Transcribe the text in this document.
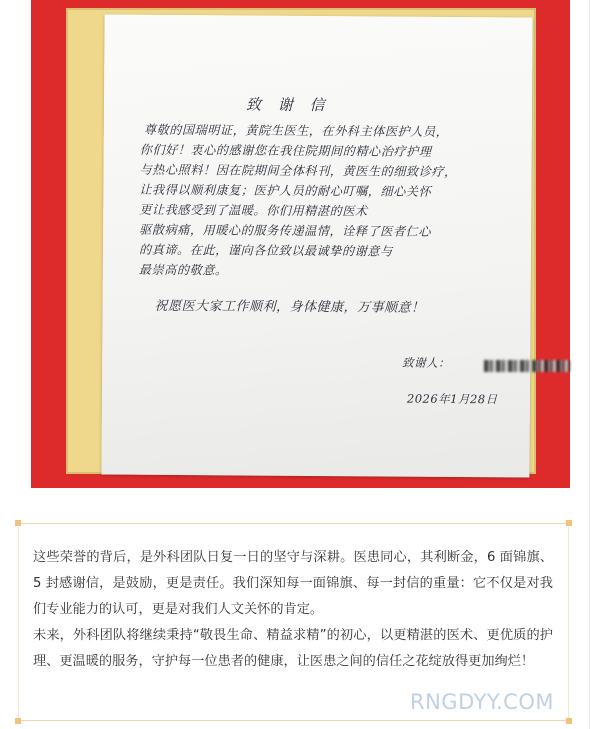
致 谢 信

尊敬的国瑞明证，黄院生医生，在外科主体医护人员，

你们好！衷心的感谢您在我住院期间的精心治疗护理

与热心照料！因在院期间全体科刊，黄医生的细致诊疗，

让我得以顺利康复；医护人员的耐心叮嘱，细心关怀

更让我感受到了温暖。你们用精湛的医术

驱散病痛，用暖心的服务传递温情，诠释了医者仁心

的真谛。在此，谨向各位致以最诚挚的谢意与

最崇高的敬意。

祝愿医大家工作顺利，身体健康，万事顺意！

致谢人：

2026年1月28日

这些荣誉的背后，是外科团队日复一日的坚守与深耕。医患同心，其利断金，6 面锦旗、5 封感谢信，是鼓励，更是责任。我们深知每一面锦旗、每一封信的重量：它不仅是对我们专业能力的认可，更是对我们人文关怀的肯定。

未来，外科团队将继续秉持“敬畏生命、精益求精”的初心，以更精湛的医术、更优质的护理、更温暖的服务，守护每一位患者的健康，让医患之间的信任之花绽放得更加绚烂！

RNGDYY.COM
